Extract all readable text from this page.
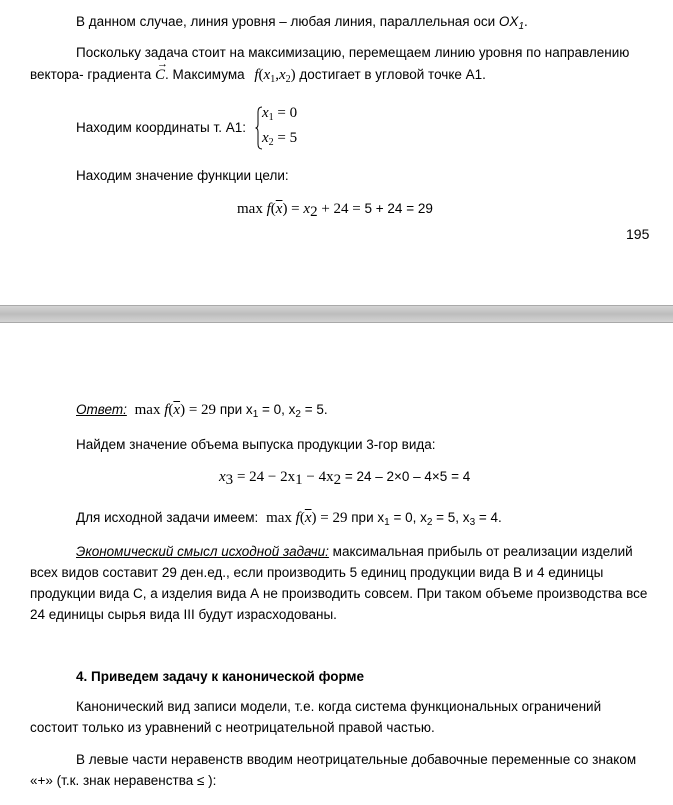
В данном случае, линия уровня – любая линия, параллельная оси $OX_1$.
Поскольку задача стоит на максимизацию, перемещаем линию уровня по направлению
вектора- градиента
→
C. Максимума $f(x_1,x_2)$ достигает в угловой точке А1.
Находим координаты т. А1:
$x_1 = 0$
$x_2 = 5$
Находим значение функции цели:
$\max f(\overline{x}) = x_2 + 24 = 5 + 24 = 29$
195
Ответ: $\max f(\overline{x}) = 29$ при $x_1 = 0$, $x_2 = 5$.
Найдем значение объема выпуска продукции 3-гор вида:
$x_3 = 24 - 2x_1 - 4x_2 = 24 - 2\times 0 - 4\times 5 = 4$
Для исходной задачи имеем: $\max f(\overline{x}) = 29$ при $x_1 = 0$, $x_2 = 5$, $x_3 = 4$.
Экономический смысл исходной задачи: максимальная прибыль от реализации изделий
всех видов составит 29 ден.ед., если производить 5 единиц продукции вида В и 4 единицы
продукции вида С, а изделия вида А не производить совсем. При таком объеме производства все
24 единицы сырья вида III будут израсходованы.
4. Приведем задачу к канонической форме
Канонический вид записи модели, т.е. когда система функциональных ограничений
состоит только из уравнений с неотрицательной правой частью.
В левые части неравенств вводим неотрицательные добавочные переменные со знаком
«+» (т.к. знак неравенства ≤ ):
